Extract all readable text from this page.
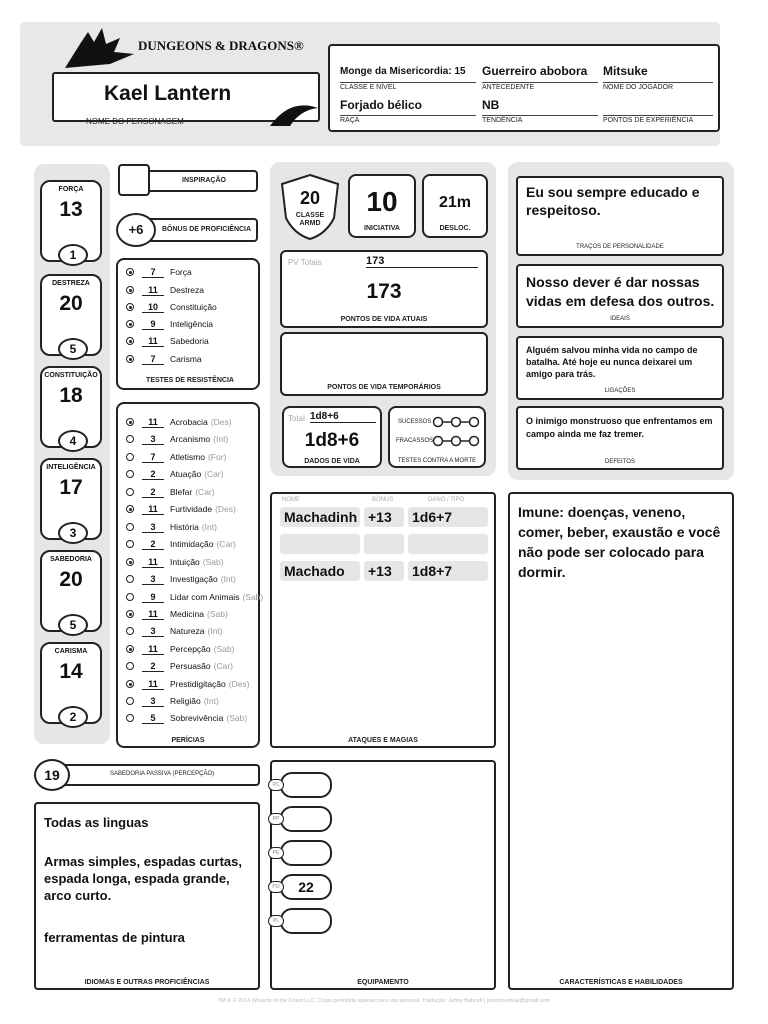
DUNGEONS & DRAGONS®
Kael Lantern
NOME DO PERSONAGEM
Monge da Misericordia: 15
CLASSE E NÍVEL
Guerreiro abobora
ANTECEDENTE
Mitsuke
NOME DO JOGADOR
Forjado bélico
RAÇA
NB
TENDÊNCIA	PONTOS DE EXPERIÊNCIA
FORÇA
13
1
DESTREZA
20
5
CONSTITUIÇÃO
18
4
INTELIGÊNCIA
17
3
SABEDORIA
20
5
CARISMA
14
2
INSPIRAÇÃO
+6	BÔNUS DE PROFICIÊNCIA
7	Força
11	Destreza
10	Constituição
9	Inteligência
11	Sabedoria
7	Carisma
TESTES DE RESISTÊNCIA
11	Acrobacia (Des)
3	Arcanismo (Int)
7	Atletismo (For)
2	Atuação (Car)
2	Blefar (Car)
11	Furtividade (Des)
3	História (Int)
2	Intimidação (Car)
11	Intuição (Sab)
3	Investigação (Int)
9	Lidar com Animais (Sab)
11	Medicina (Sab)
3	Natureza (Int)
11	Percepção (Sab)
2	Persuasão (Car)
11	Prestidigitação (Des)
3	Religião (Int)
5	Sobrevivência (Sab)
PERÍCIAS
19	SABEDORIA PASSIVA (PERCEPÇÃO)
Todas as linguas
Armas simples, espadas curtas, espada longa, espada grande, arco curto.
ferramentas de pintura
IDIOMAS E OUTRAS PROFICIÊNCIAS
20
CLASSE ARMD
10
INICIATIVA
21m
DESLOC.
PV Totais	173
173
PONTOS DE VIDA ATUAIS
PONTOS DE VIDA TEMPORÁRIOS
Total 1d8+6
1d8+6
DADOS DE VIDA
SUCESSOS
FRACASSOS
TESTES CONTRA A MORTE
NOME	BÔNUS	DANO / TIPO
Machadinh +13	1d6+7
Machado	+13	1d8+7
ATAQUES E MAGIAS
PC
PP
PE
22
PO
PL
EQUIPAMENTO
Eu sou sempre educado e respeitoso.
TRAÇOS DE PERSONALIDADE
Nosso dever é dar nossas vidas em defesa dos outros.
IDEAIS
Alguém salvou minha vida no campo de batalha. Até hoje eu nunca deixarei um amigo para trás.
LIGAÇÕES
O inimigo monstruoso que enfrentamos em campo ainda me faz tremer.
DEFEITOS
Imune: doenças, veneno, comer, beber, exaustão e você não pode ser colocado para dormir.
CARACTERÍSTICAS E HABILIDADES
TM & © 2014 Wizards of the Coast LLC. Cópia permitida apenas para uso pessoal. Tradução: Johny Bahcell | jsmotrovirtual@gmail.com
